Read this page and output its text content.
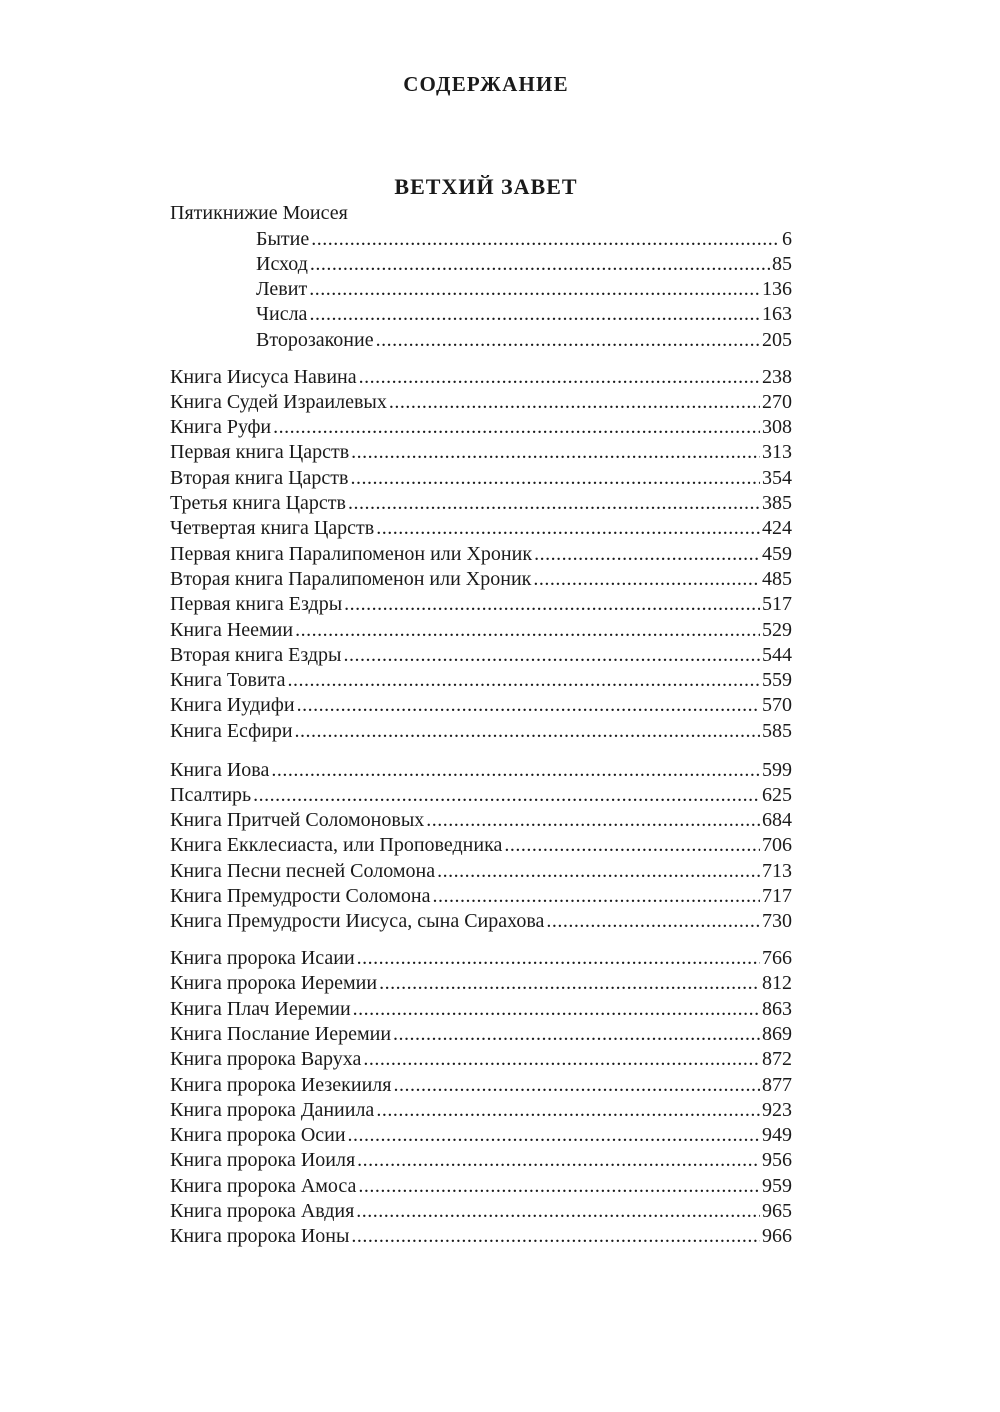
СОДЕРЖАНИЕ
ВЕТХИЙ ЗАВЕТ
Пятикнижие Моисея
Бытие .....	6
Исход .....	85
Левит .....	136
Числа .....	163
Второзаконие .....	205
Книга Иисуса Навина .....	238
Книга Судей Израилевых .....	270
Книга Руфи .....	308
Первая книга Царств .....	313
Вторая книга Царств .....	354
Третья книга Царств .....	385
Четвертая книга Царств .....	424
Первая книга Паралипоменон или Хроник .....	459
Вторая книга Паралипоменон или Хроник .....	485
Первая книга Ездры .....	517
Книга Неемии .....	529
Вторая книга Ездры .....	544
Книга Товита .....	559
Книга Иудифи .....	570
Книга Есфири .....	585
Книга Иова .....	599
Псалтирь .....	625
Книга Притчей Соломоновых .....	684
Книга Екклесиаста, или Проповедника .....	706
Книга Песни песней Соломона .....	713
Книга Премудрости Соломона .....	717
Книга Премудрости Иисуса, сына Сирахова .....	730
Книга пророка Исаии .....	766
Книга пророка Иеремии .....	812
Книга Плач Иеремии .....	863
Книга Послание Иеремии .....	869
Книга пророка Варуха .....	872
Книга пророка Иезекииля .....	877
Книга пророка Даниила .....	923
Книга пророка Осии .....	949
Книга пророка Иоиля .....	956
Книга пророка Амоса .....	959
Книга пророка Авдия .....	965
Книга пророка Ионы .....	966
